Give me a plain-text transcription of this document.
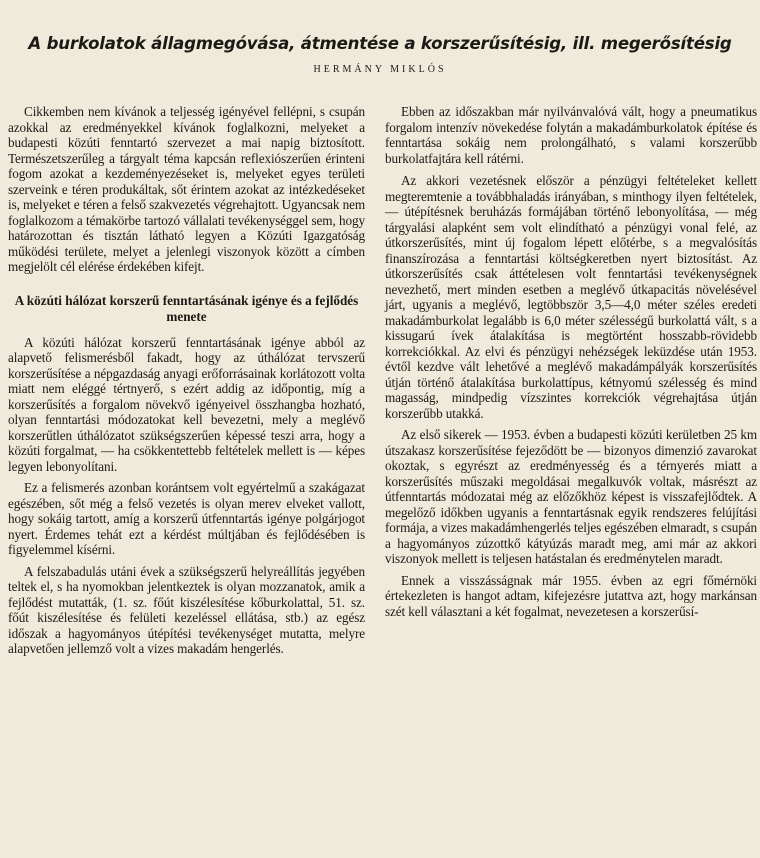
A burkolatok állagmegóvása, átmentése a korszerűsítésig, ill. megerősítésig
HERMÁNY MIKLÓS

Cikkemben nem kívánok a teljesség igényével fellépni, s csupán azokkal az eredményekkel kívánok foglalkozni, melyeket a budapesti közúti fenntartó szervezet a mai napig biztosított. Természetszerűleg a tárgyalt téma kapcsán reflexiószerűen érinteni fogom azokat a kezdeményezéseket is, melyeket egyes területi szerveink e téren produkáltak, sőt érintem azokat az intézkedéseket is, melyeket e téren a felső szakvezetés végrehajtott. Ugyancsak nem foglalkozom a témakörbe tartozó vállalati tevékenységgel sem, hogy határozottan és tisztán látható legyen a Közúti Igazgatóság működési területe, melyet a jelenlegi viszonyok között a címben megjelölt cél elérése érdekében kifejt.

A közúti hálózat korszerű fenntartásának igénye és a fejlődés menete

A közúti hálózat korszerű fenntartásának igénye abból az alapvető felismerésből fakadt, hogy az úthálózat tervszerű korszerűsítése a népgazdaság anyagi erőforrásainak korlátozott volta miatt nem eléggé tértnyerő, s ezért addig az időpontig, míg a korszerűsítés a forgalom növekvő igényeivel összhangba hozható, olyan fenntartási módozatokat kell bevezetni, mely a meglévő korszerűtlen úthálózatot szükségszerűen képessé teszi arra, hogy a közúti forgalmat, — ha csökkentettebb feltételek mellett is — képes legyen lebonyolítani.

Ez a felismerés azonban korántsem volt egyértelmű a szakágazat egészében, sőt még a felső vezetés is olyan merev elveket vallott, hogy sokáig tartott, amíg a korszerű útfenntartás igénye polgárjogot nyert. Érdemes tehát ezt a kérdést múltjában és fejlődésében is figyelemmel kísérni.

A felszabadulás utáni évek a szükségszerű helyreállítás jegyében teltek el, s ha nyomokban jelentkeztek is olyan mozzanatok, amik a fejlődést mutatták, (1. sz. főút kiszélesítése kőburkolattal, 51. sz. főút kiszélesítése és felületi kezeléssel ellátása, stb.) az egész időszak a hagyományos útépítési tevékenységet mutatta, melyre alapvetően jellemző volt a vizes makadám hengerlés.

Ebben az időszakban már nyilvánvalóvá vált, hogy a pneumatikus forgalom intenzív növekedése folytán a makadámburkolatok építése és fenntartása sokáig nem prolongálható, s valami korszerűbb burkolatfajtára kell rátérni.

Az akkori vezetésnek először a pénzügyi feltételeket kellett megteremtenie a továbbhaladás irányában, s minthogy ilyen feltételek, — útépítésnek beruházás formájában történő lebonyolítása, — még tárgyalási alapként sem volt elindítható a pénzügyi vonal felé, az útkorszerűsítés, mint új fogalom lépett előtérbe, s a megvalósítás finanszírozása a fenntartási költségkeretben nyert biztosítást. Az útkorszerűsítés csak áttételesen volt fenntartási tevékenységnek nevezhető, mert minden esetben a meglévő útkapacitás növelésével járt, ugyanis a meglévő, legtöbbször 3,5—4,0 méter széles eredeti makadámburkolat legalább is 6,0 méter szélességű burkolattá vált, s a kissugarú ívek átalakítása is megtörtént hosszabb-rövidebb korrekciókkal. Az elvi és pénzügyi nehézségek leküzdése után 1953. évtől kezdve vált lehetővé a meglévő makadámpályák korszerűsítés útján történő átalakítása burkolattípus, kétnyomú szélesség és mind magasság, mindpedig vízszintes korrekciók végrehajtása útján korszerűbb utakká.

Az első sikerek — 1953. évben a budapesti közúti kerületben 25 km útszakasz korszerűsítése fejeződött be — bizonyos dimenzió zavarokat okoztak, s egyrészt az eredményesség és a térnyerés miatt a korszerűsítés műszaki megoldásai megalkuvók voltak, másrészt az útfenntartás módozatai még az előzőkhöz képest is visszafejlődtek. A megelőző időkben ugyanis a fenntartásnak egyik rendszeres felújítási formája, a vizes makadámhengerlés teljes egészében elmaradt, s csupán a hagyományos zúzottkő kátyúzás maradt meg, ami már az akkori viszonyok mellett is teljesen hatástalan és eredménytelen maradt.

Ennek a visszásságnak már 1955. évben az egri főmérnöki értekezleten is hangot adtam, kifejezésre jutattva azt, hogy markánsan szét kell választani a két fogalmat, nevezetesen a korszerűsí-
